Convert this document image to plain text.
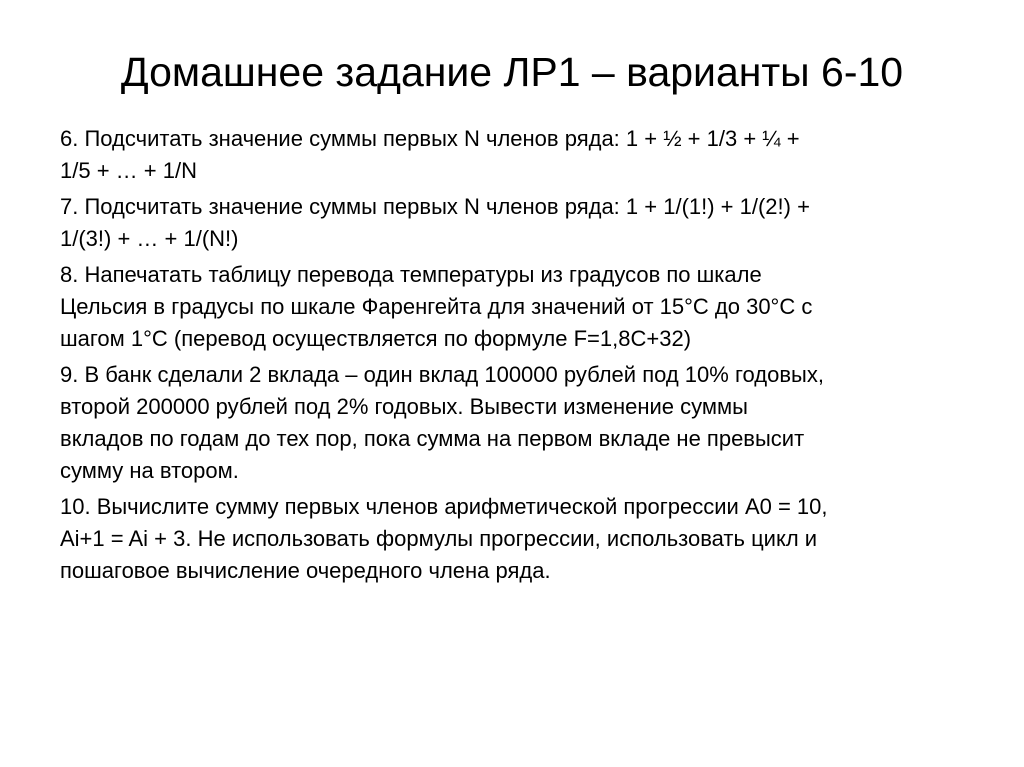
Домашнее задание ЛР1 – варианты 6-10
6. Подсчитать значение суммы первых N членов ряда: 1 + ½ + 1/3 + ¼ +
1/5 + … + 1/N
7. Подсчитать значение суммы первых N членов ряда: 1 + 1/(1!) + 1/(2!) +
1/(3!) + … + 1/(N!)
8. Напечатать таблицу перевода температуры из градусов по шкале
Цельсия в градусы по шкале Фаренгейта для значений от 15°С до 30°С с
шагом 1°С (перевод осуществляется по формуле F=1,8C+32)
9. В банк сделали 2 вклада – один вклад 100000 рублей под 10% годовых,
второй 200000 рублей под 2% годовых. Вывести изменение суммы
вкладов по годам до тех пор, пока сумма на первом вкладе не превысит
сумму на втором.
10. Вычислите сумму первых членов арифметической прогрессии A0 = 10,
Ai+1 = Ai + 3. Не использовать формулы прогрессии, использовать цикл и
пошаговое вычисление очередного члена ряда.
